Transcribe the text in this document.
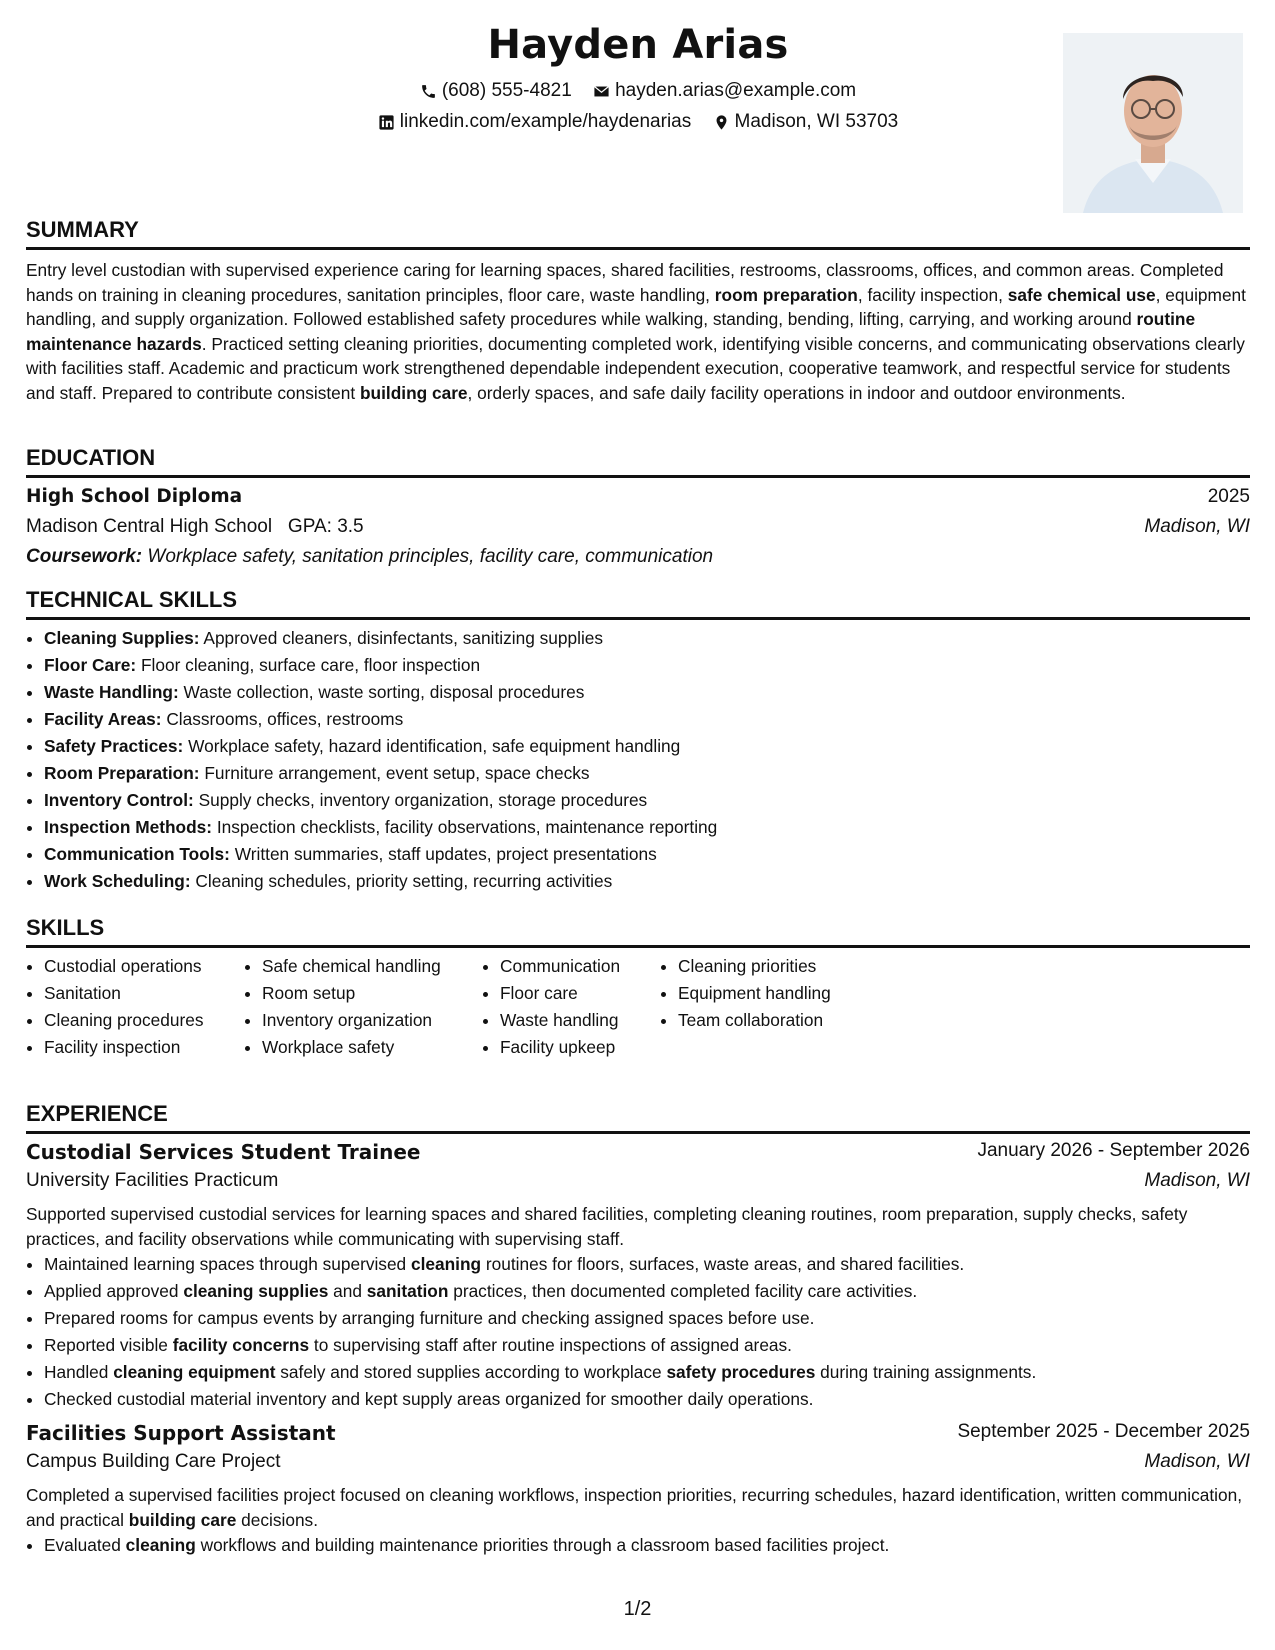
Hayden Arias
(608) 555-4821
hayden.arias@example.com
linkedin.com/example/haydenarias
Madison, WI 53703
SUMMARY

Entry level custodian with supervised experience caring for learning spaces, shared facilities, restrooms, classrooms, offices, and common areas. Completed hands on training in cleaning procedures, sanitation principles, floor care, waste handling, room preparation, facility inspection, safe chemical use, equipment handling, and supply organization. Followed established safety procedures while walking, standing, bending, lifting, carrying, and working around routine maintenance hazards. Practiced setting cleaning priorities, documenting completed work, identifying visible concerns, and communicating observations clearly with facilities staff. Academic and practicum work strengthened dependable independent execution, cooperative teamwork, and respectful service for students and staff. Prepared to contribute consistent building care, orderly spaces, and safe daily facility operations in indoor and outdoor environments.

EDUCATION
High School Diploma	2025
Madison Central High School GPA: 3.5	Madison, WI
Coursework: Workplace safety, sanitation principles, facility care, communication
TECHNICAL SKILLS
• Cleaning Supplies: Approved cleaners, disinfectants, sanitizing supplies
• Floor Care: Floor cleaning, surface care, floor inspection
• Waste Handling: Waste collection, waste sorting, disposal procedures
• Facility Areas: Classrooms, offices, restrooms
• Safety Practices: Workplace safety, hazard identification, safe equipment handling
• Room Preparation: Furniture arrangement, event setup, space checks
• Inventory Control: Supply checks, inventory organization, storage procedures
• Inspection Methods: Inspection checklists, facility observations, maintenance reporting
• Communication Tools: Written summaries, staff updates, project presentations
• Work Scheduling: Cleaning schedules, priority setting, recurring activities
SKILLS
• Custodial operations
• Sanitation
• Cleaning procedures
• Facility inspection
• Safe chemical handling
• Room setup
• Inventory organization
• Workplace safety
• Communication
• Floor care
• Waste handling
• Facility upkeep
• Cleaning priorities
• Equipment handling
• Team collaboration
EXPERIENCE
Custodial Services Student Trainee	January 2026 - September 2026
University Facilities Practicum	Madison, WI

Supported supervised custodial services for learning spaces and shared facilities, completing cleaning routines, room preparation, supply checks, safety practices, and facility observations while communicating with supervising staff.

• Maintained learning spaces through supervised cleaning routines for floors, surfaces, waste areas, and shared facilities.
• Applied approved cleaning supplies and sanitation practices, then documented completed facility care activities.
• Prepared rooms for campus events by arranging furniture and checking assigned spaces before use.
• Reported visible facility concerns to supervising staff after routine inspections of assigned areas.
• Handled cleaning equipment safely and stored supplies according to workplace safety procedures during training assignments.
• Checked custodial material inventory and kept supply areas organized for smoother daily operations.
Facilities Support Assistant	September 2025 - December 2025
Campus Building Care Project	Madison, WI

Completed a supervised facilities project focused on cleaning workflows, inspection priorities, recurring schedules, hazard identification, written communication, and practical building care decisions.

• Evaluated cleaning workflows and building maintenance priorities through a classroom based facilities project.
1/2
